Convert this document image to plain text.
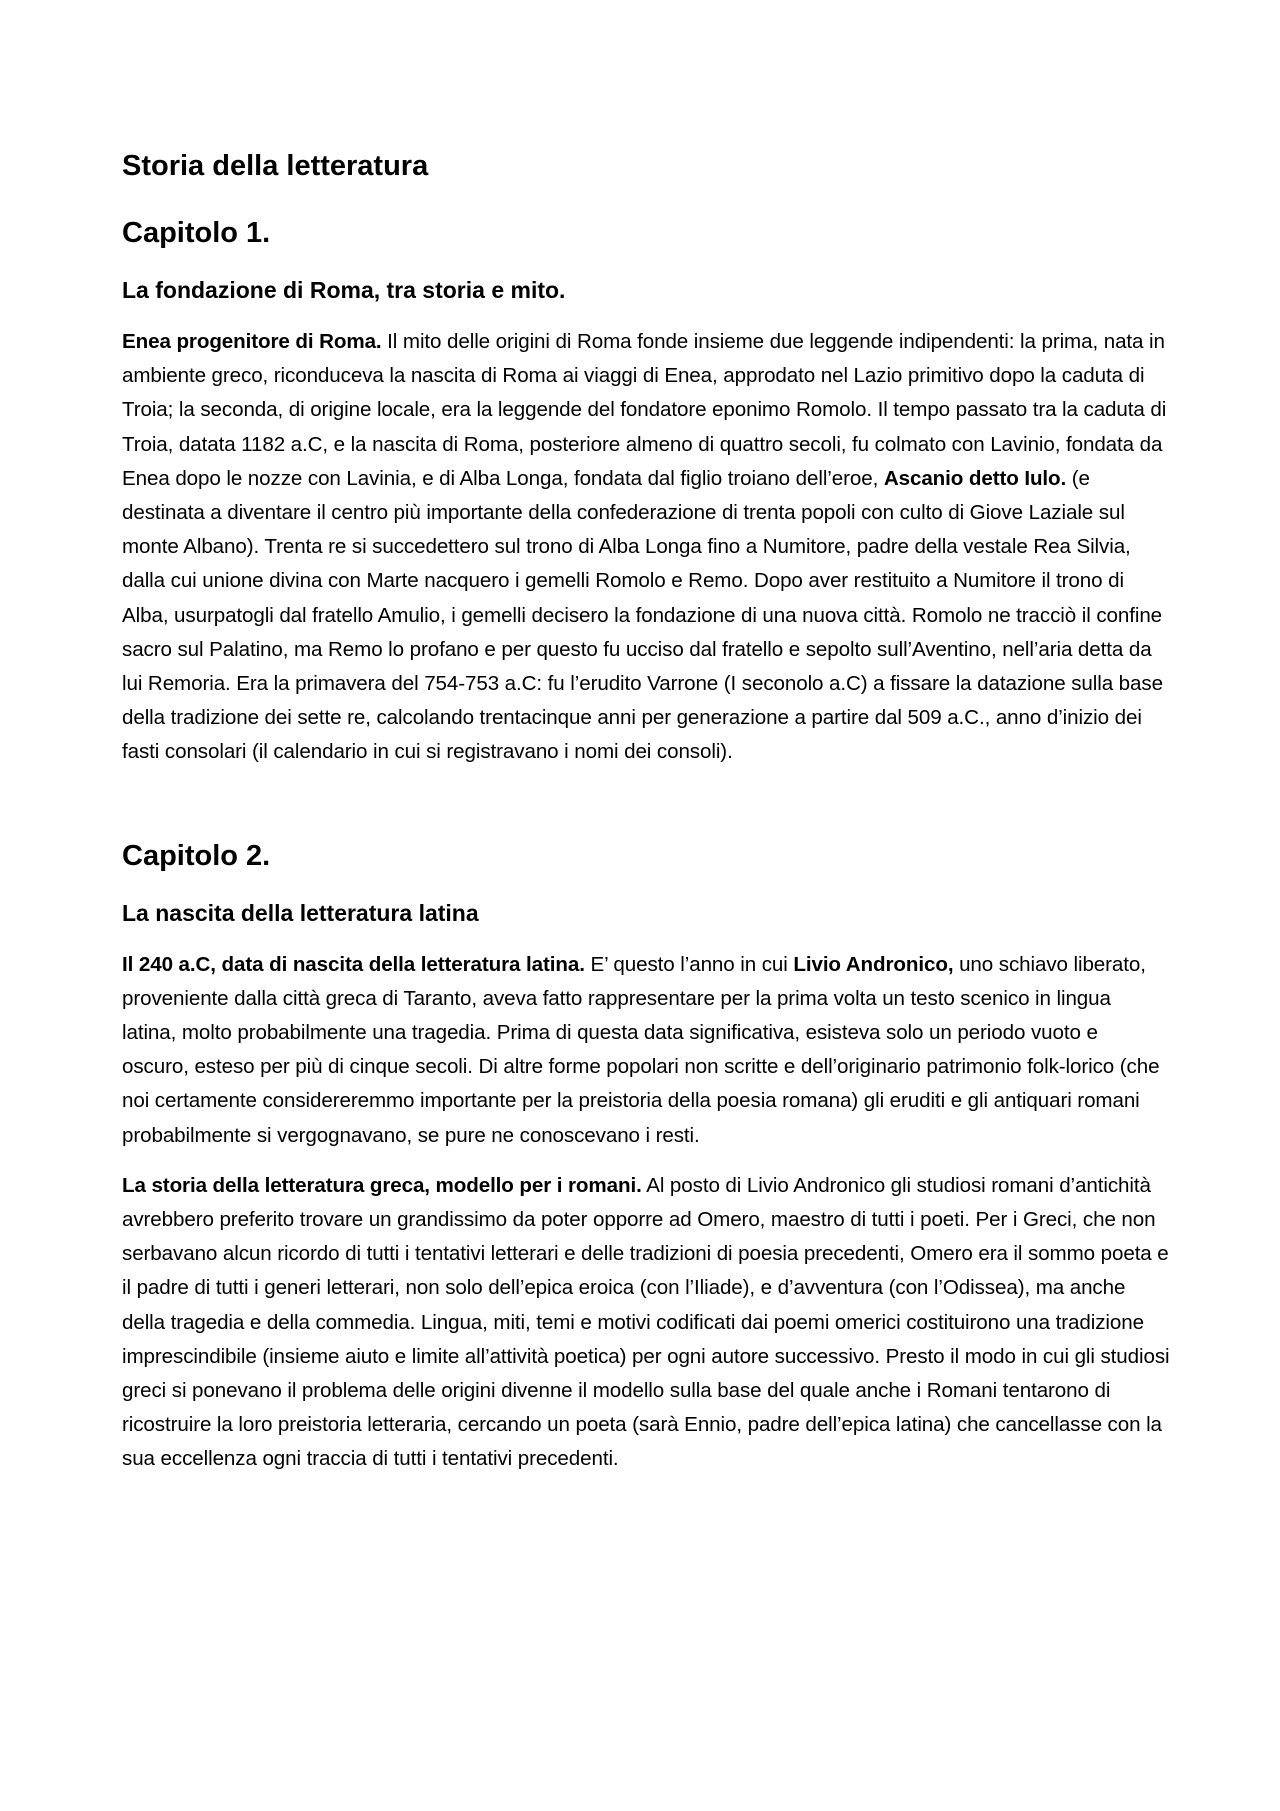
Storia della letteratura
Capitolo 1.
La fondazione di Roma, tra storia e mito.

Enea progenitore di Roma. Il mito delle origini di Roma fonde insieme due leggende indipendenti: la prima, nata in ambiente greco, riconduceva la nascita di Roma ai viaggi di Enea, approdato nel Lazio primitivo dopo la caduta di Troia; la seconda, di origine locale, era la leggende del fondatore eponimo Romolo. Il tempo passato tra la caduta di Troia, datata 1182 a.C, e la nascita di Roma, posteriore almeno di quattro secoli, fu colmato con Lavinio, fondata da Enea dopo le nozze con Lavinia, e di Alba Longa, fondata dal figlio troiano dell’eroe, Ascanio detto Iulo. (e destinata a diventare il centro più importante della confederazione di trenta popoli con culto di Giove Laziale sul monte Albano). Trenta re si succedettero sul trono di Alba Longa fino a Numitore, padre della vestale Rea Silvia, dalla cui unione divina con Marte nacquero i gemelli Romolo e Remo. Dopo aver restituito a Numitore il trono di Alba, usurpatogli dal fratello Amulio, i gemelli decisero la fondazione di una nuova città. Romolo ne tracciò il confine sacro sul Palatino, ma Remo lo profano e per questo fu ucciso dal fratello e sepolto sull’Aventino, nell’aria detta da lui Remoria. Era la primavera del 754-753 a.C: fu l’erudito Varrone (I seconolo a.C) a fissare la datazione sulla base della tradizione dei sette re, calcolando trentacinque anni per generazione a partire dal 509 a.C., anno d’inizio dei fasti consolari (il calendario in cui si registravano i nomi dei consoli).

Capitolo 2.
La nascita della letteratura latina

Il 240 a.C, data di nascita della letteratura latina. E’ questo l’anno in cui Livio Andronico, uno schiavo liberato, proveniente dalla città greca di Taranto, aveva fatto rappresentare per la prima volta un testo scenico in lingua latina, molto probabilmente una tragedia. Prima di questa data significativa, esisteva solo un periodo vuoto e oscuro, esteso per più di cinque secoli. Di altre forme popolari non scritte e dell’originario patrimonio folk-lorico (che noi certamente considereremmo importante per la preistoria della poesia romana) gli eruditi e gli antiquari romani probabilmente si vergognavano, se pure ne conoscevano i resti.

La storia della letteratura greca, modello per i romani. Al posto di Livio Andronico gli studiosi romani d’antichità avrebbero preferito trovare un grandissimo da poter opporre ad Omero, maestro di tutti i poeti. Per i Greci, che non serbavano alcun ricordo di tutti i tentativi letterari e delle tradizioni di poesia precedenti, Omero era il sommo poeta e il padre di tutti i generi letterari, non solo dell’epica eroica (con l’Iliade), e d’avventura (con l’Odissea), ma anche della tragedia e della commedia. Lingua, miti, temi e motivi codificati dai poemi omerici costituirono una tradizione imprescindibile (insieme aiuto e limite all’attività poetica) per ogni autore successivo. Presto il modo in cui gli studiosi greci si ponevano il problema delle origini divenne il modello sulla base del quale anche i Romani tentarono di ricostruire la loro preistoria letteraria, cercando un poeta (sarà Ennio, padre dell’epica latina) che cancellasse con la sua eccellenza ogni traccia di tutti i tentativi precedenti.
